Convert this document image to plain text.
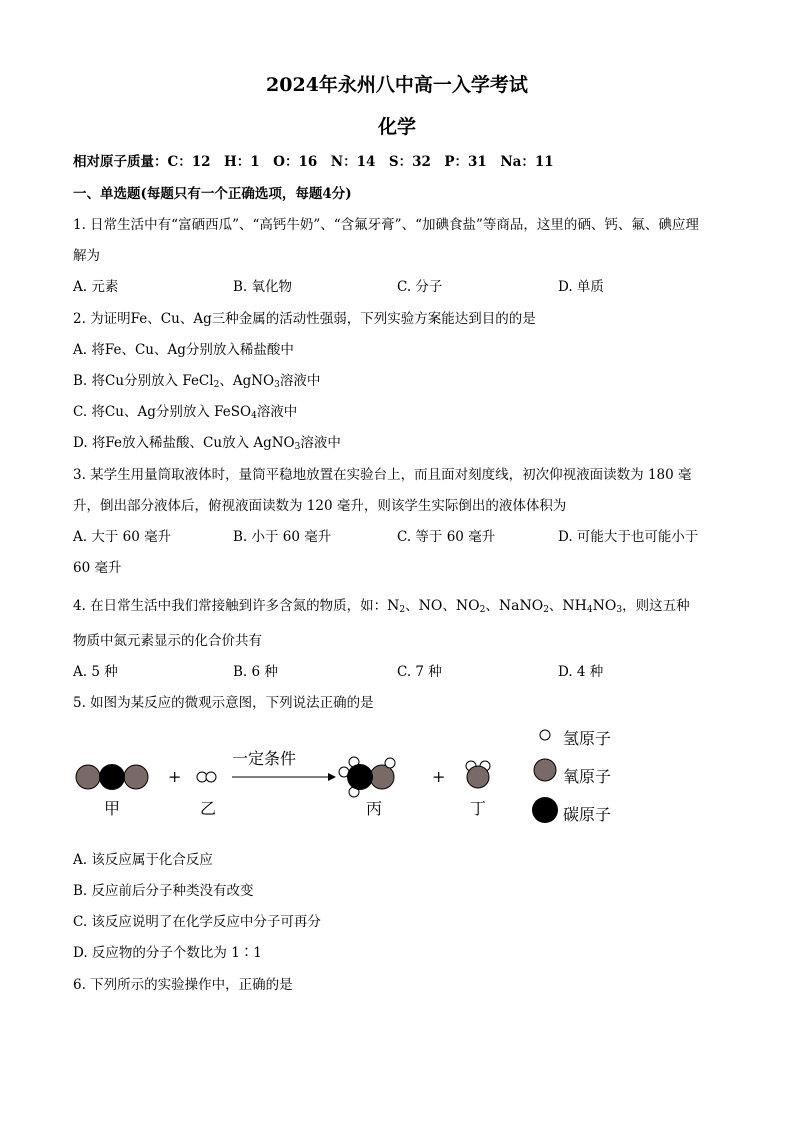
2024年永州八中高一入学考试
化学
相对原子质量：C：12　H：1　O：16　N：14　S：32　P：31　Na：11
一、单选题(每题只有一个正确选项，每题4分)
1. 日常生活中有“富硒西瓜”、“高钙牛奶”、“含氟牙膏”、“加碘食盐”等商品，这里的硒、钙、氟、碘应理
解为
A. 元素	B. 氧化物	C. 分子	D. 单质
2. 为证明Fe、Cu、Ag三种金属的活动性强弱，下列实验方案能达到目的的是
A. 将Fe、Cu、Ag分别放入稀盐酸中
B. 将Cu分别放入 FeCl$_2$、AgNO$_3$溶液中
C. 将Cu、Ag分别放入 FeSO$_4$溶液中
D. 将Fe放入稀盐酸、Cu放入 AgNO$_3$溶液中
3. 某学生用量筒取液体时，量筒平稳地放置在实验台上，而且面对刻度线，初次仰视液面读数为 180 毫
升，倒出部分液体后，俯视液面读数为 120 毫升，则该学生实际倒出的液体体积为
A. 大于 60 毫升	B. 小于 60 毫升	C. 等于 60 毫升	D. 可能大于也可能小于
60 毫升
4. 在日常生活中我们常接触到许多含氮的物质，如：$N_2$、NO、$NO_2$、NaNO$_2$、$NH_4NO_3$，则这五种
物质中氮元素显示的化合价共有
A. 5 种	B. 6 种	C. 7 种	D. 4 种
5. 如图为某反应的微观示意图，下列说法正确的是
甲
+
乙
一定条件
丙
+
丁
氢原子
氧原子
碳原子
A. 该反应属于化合反应
B. 反应前后分子种类没有改变
C. 该反应说明了在化学反应中分子可再分
D. 反应物的分子个数比为 1∶1
6. 下列所示的实验操作中，正确的是
